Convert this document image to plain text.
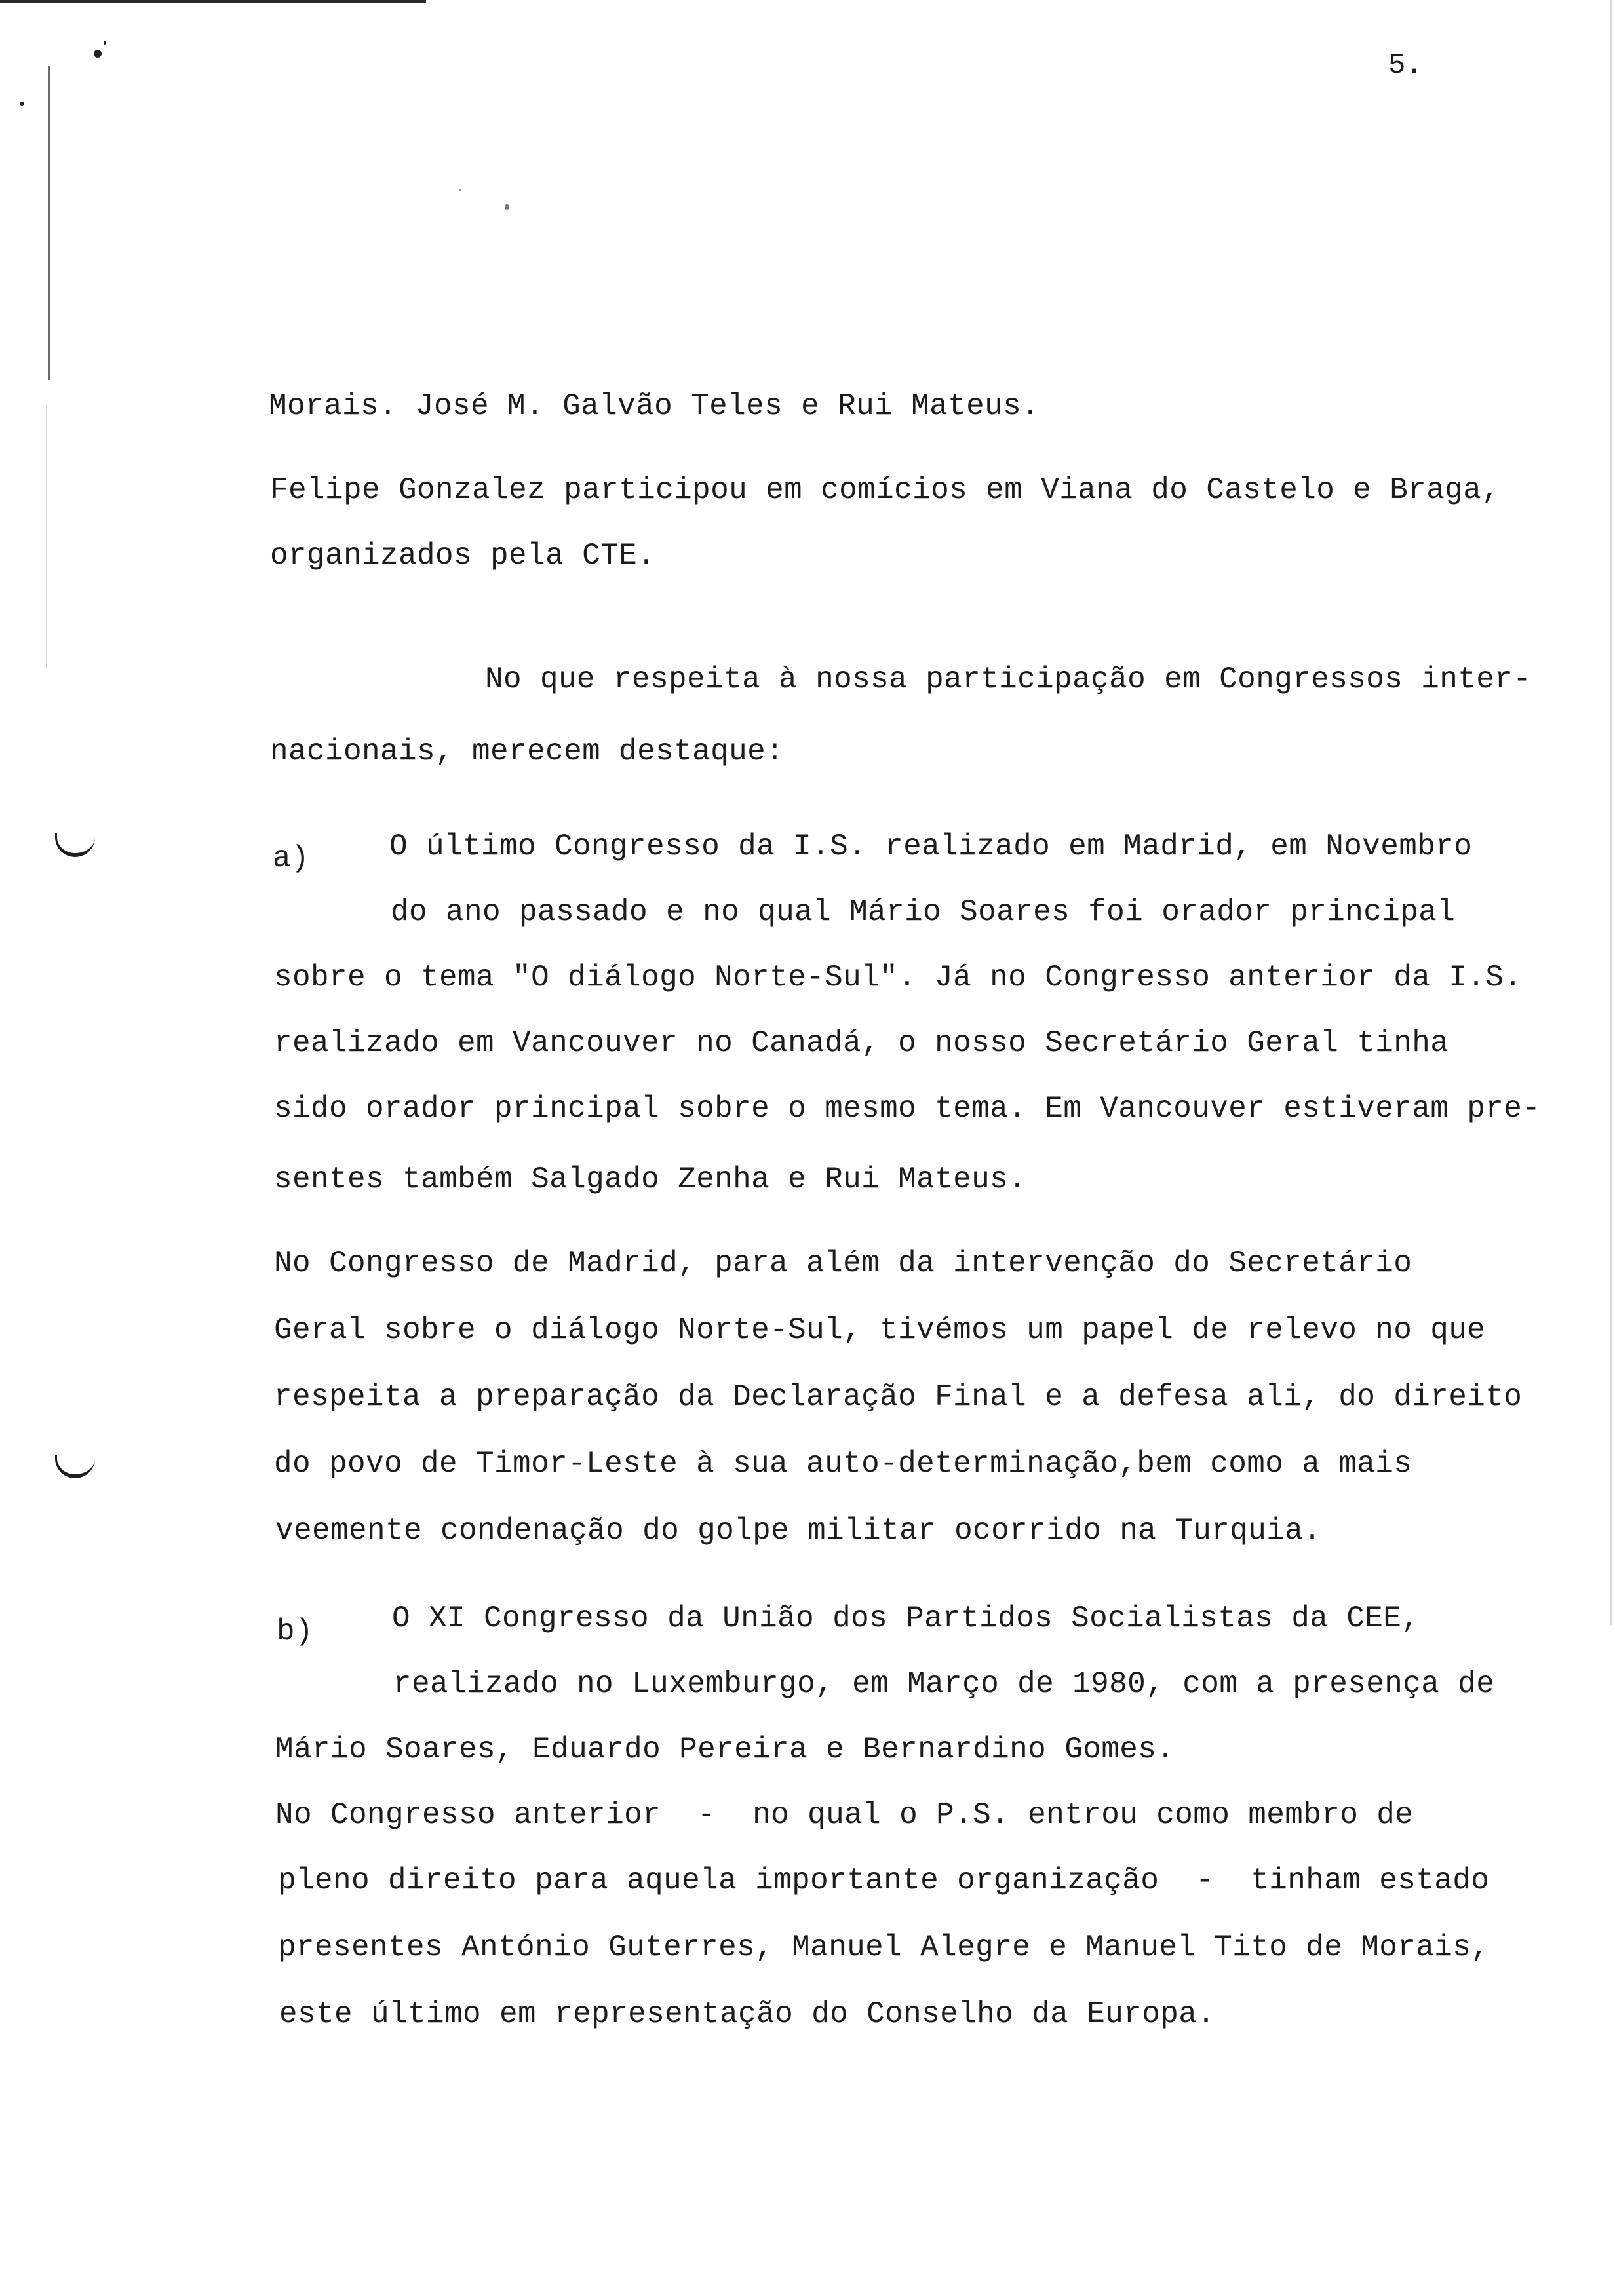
5.
Morais. José M. Galvão Teles e Rui Mateus.
Felipe Gonzalez participou em comícios em Viana do Castelo e Braga,
organizados pela CTE.
No que respeita à nossa participação em Congressos inter-
nacionais, merecem destaque:
a)	O último Congresso da I.S. realizado em Madrid, em Novembro
do ano passado e no qual Mário Soares foi orador principal
sobre o tema "O diálogo Norte-Sul". Já no Congresso anterior da I.S.
realizado em Vancouver no Canadá, o nosso Secretário Geral tinha
sido orador principal sobre o mesmo tema. Em Vancouver estiveram pre-
sentes também Salgado Zenha e Rui Mateus.
No Congresso de Madrid, para além da intervenção do Secretário
Geral sobre o diálogo Norte-Sul, tivémos um papel de relevo no que
respeita a preparação da Declaração Final e a defesa ali, do direito
do povo de Timor-Leste à sua auto-determinação,bem como a mais
veemente condenação do golpe militar ocorrido na Turquia.
b)	O XI Congresso da União dos Partidos Socialistas da CEE,
realizado no Luxemburgo, em Março de 1980, com a presença de
Mário Soares, Eduardo Pereira e Bernardino Gomes.
No Congresso anterior  -  no qual o P.S. entrou como membro de
pleno direito para aquela importante organização  -  tinham estado
presentes António Guterres, Manuel Alegre e Manuel Tito de Morais,
este último em representação do Conselho da Europa.
